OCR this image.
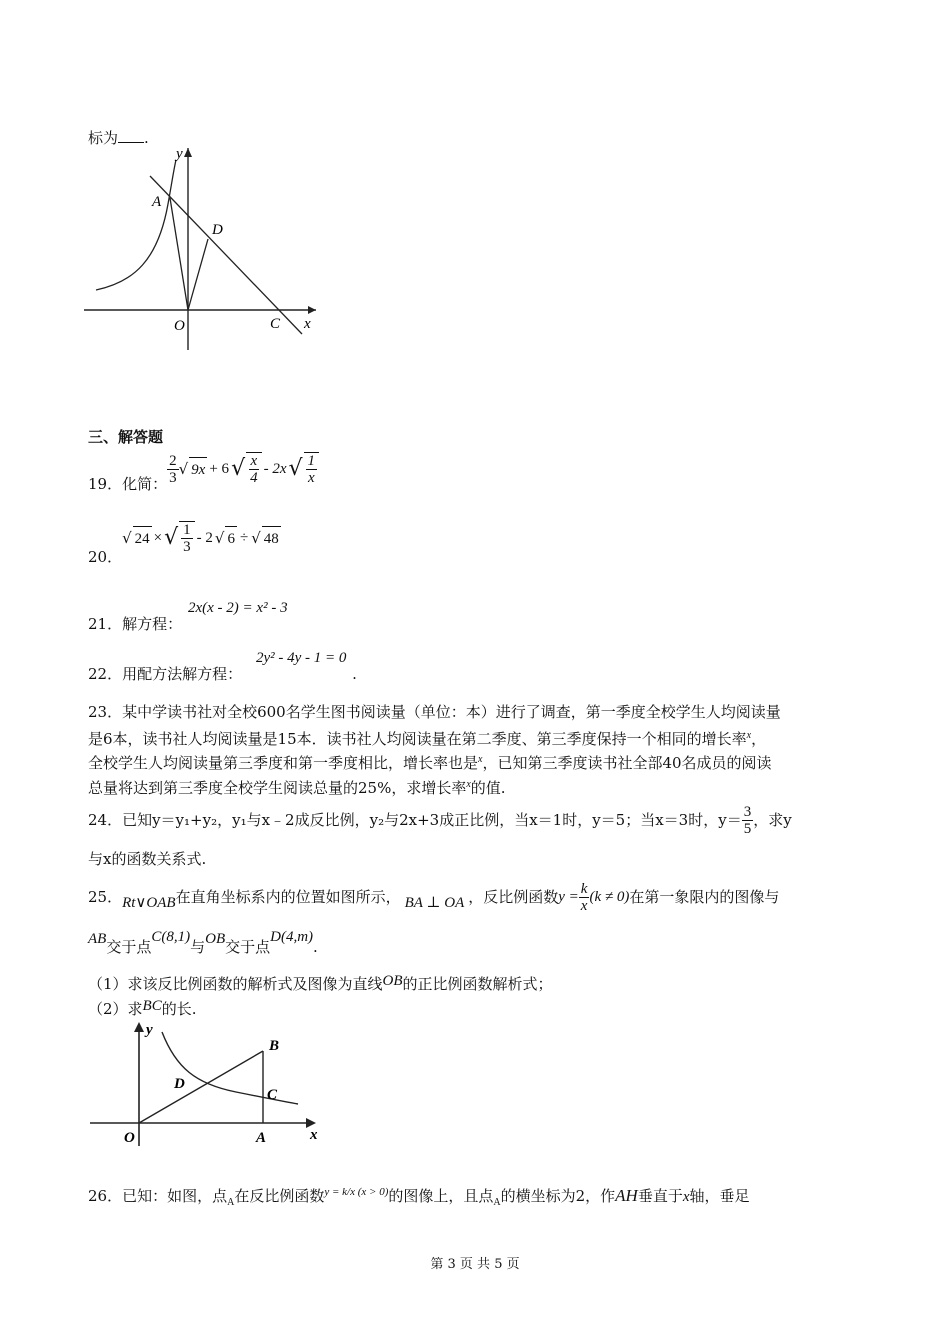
标为 .
A
D
O	C x
y
三、解答题
19． 化简： $\frac{2}{3}$ √ 9x + 6 √ $\frac{x}{4} - 2x$ √ $\frac{1}{x}$
20．
√ 24 × √ $\frac{1}{3} - 2$ √ 6 ÷ √ 48
2x(x - 2) = x² - 3
21．解方程：
2y² - 4y - 1 = 0
22．用配方法解方程：	.
23．某中学读书社对全校600名学生图书阅读量（单位：本）进行了调查，第一季度全校学生人均阅读量
是6本，读书社人均阅读量是15本．读书社人均阅读量在第二季度、第三季度保持一个相同的增长率$^x$，
全校学生人均阅读量第三季度和第一季度相比，增长率也是$^x$，已知第三季度读书社全部40名成员的阅读
总量将达到第三季度全校学生阅读总量的25%，求增长率$^x$的值.
24．已知y＝y₁+y₂，y₁与x﹣2成反比例，y₂与2x+3成正比例，当x＝1时，y＝5；当x＝3时，$y= \frac{3}{5}$ ，求y
与x的函数关系式.
25． Rt∨OAB 在直角坐标系内的位置如图所示， BA ⊥ OA ，反比例函数 $y = \frac{k}{x} (k \ne 0)$ 在第一象限内的图像与
AB 交于点
C(8,1)
与 OB 交于点
D(4,m)
.
（1）求该反比例函数的解析式及图像为直线OB的正比例函数解析式；
（2）求BC的长.
B
D
C
O	A	x
y
26．已知：如图，点$_A$在反比例函数$^{y = k/x (x > 0)}$的图像上，且点$_A$的横坐标为2，作AH垂直于x轴，垂足
第 3 页 共 5 页
